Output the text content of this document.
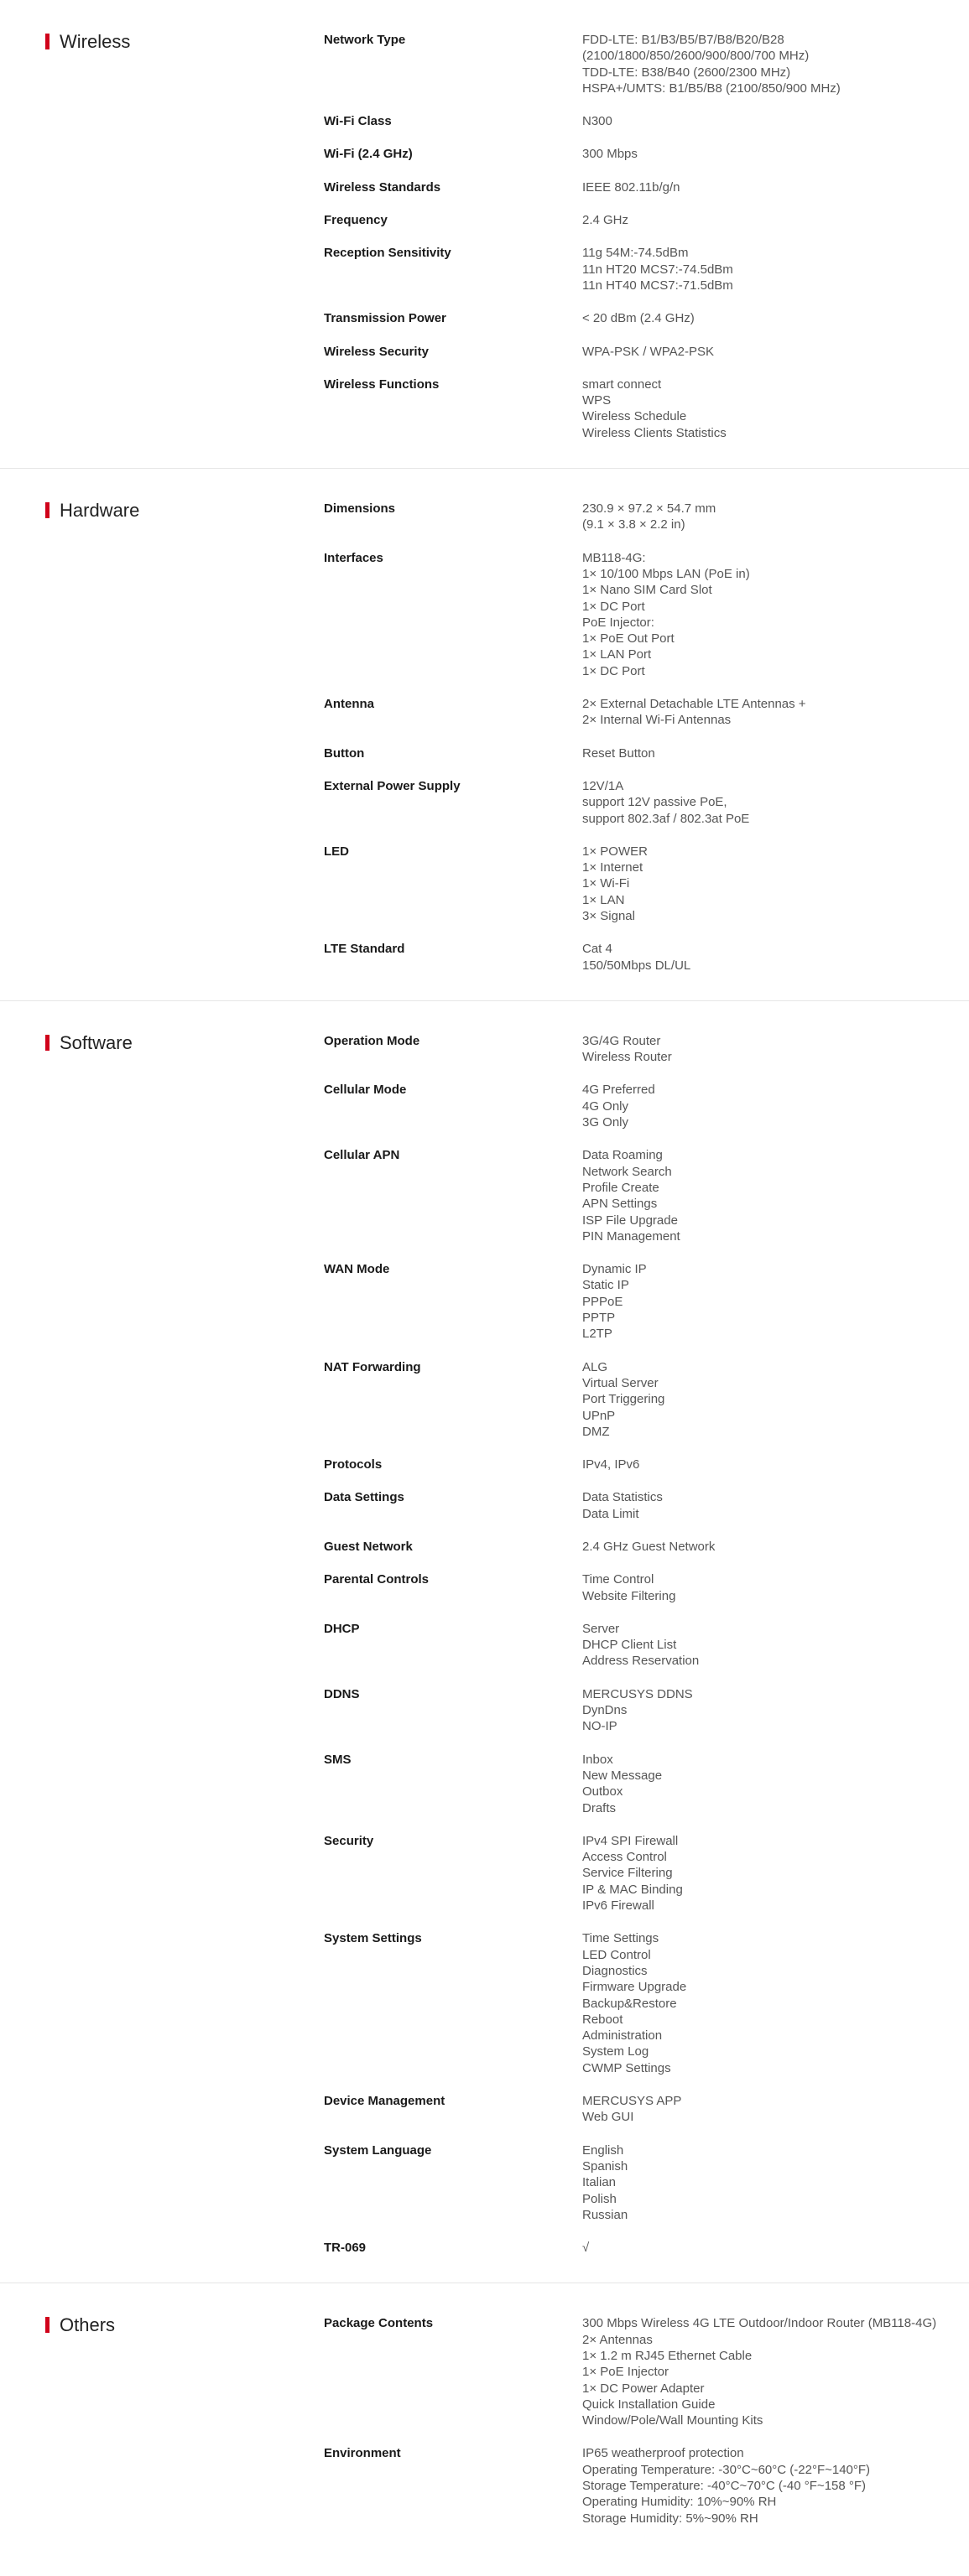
Wireless	Network Type	FDD-LTE: B1/B3/B5/B7/B8/B20/B28
(2100/1800/850/2600/900/800/700 MHz)
TDD-LTE: B38/B40 (2600/2300 MHz)
HSPA+/UMTS: B1/B5/B8 (2100/850/900 MHz)
Wi-Fi Class	N300
Wi-Fi (2.4 GHz)	300 Mbps
Wireless Standards	IEEE 802.11b/g/n
Frequency	2.4 GHz
Reception Sensitivity	11g 54M:-74.5dBm
11n HT20 MCS7:-74.5dBm
11n HT40 MCS7:-71.5dBm
Transmission Power	< 20 dBm (2.4 GHz)
Wireless Security	WPA-PSK / WPA2-PSK
Wireless Functions	smart connect
WPS
Wireless Schedule
Wireless Clients Statistics
Hardware	Dimensions	230.9 × 97.2 × 54.7 mm
(9.1 × 3.8 × 2.2 in)
Interfaces	MB118-4G:
1× 10/100 Mbps LAN (PoE in)
1× Nano SIM Card Slot
1× DC Port
PoE Injector:
1× PoE Out Port
1× LAN Port
1× DC Port
Antenna	2× External Detachable LTE Antennas +
2× Internal Wi-Fi Antennas
Button	Reset Button
External Power Supply	12V/1A
support 12V passive PoE,
support 802.3af / 802.3at PoE
LED	1× POWER
1× Internet
1× Wi-Fi
1× LAN
3× Signal
LTE Standard	Cat 4
150/50Mbps DL/UL
Software	Operation Mode	3G/4G Router
Wireless Router
Cellular Mode	4G Preferred
4G Only
3G Only
Cellular APN	Data Roaming
Network Search
Profile Create
APN Settings
ISP File Upgrade
PIN Management
WAN Mode	Dynamic IP
Static IP
PPPoE
PPTP
L2TP
NAT Forwarding	ALG
Virtual Server
Port Triggering
UPnP
DMZ
Protocols	IPv4, IPv6
Data Settings	Data Statistics
Data Limit
Guest Network	2.4 GHz Guest Network
Parental Controls	Time Control
Website Filtering
DHCP	Server
DHCP Client List
Address Reservation
DDNS	MERCUSYS DDNS
DynDns
NO-IP
SMS	Inbox
New Message
Outbox
Drafts
Security	IPv4 SPI Firewall
Access Control
Service Filtering
IP & MAC Binding
IPv6 Firewall
System Settings	Time Settings
LED Control
Diagnostics
Firmware Upgrade
Backup&Restore
Reboot
Administration
System Log
CWMP Settings
Device Management	MERCUSYS APP
Web GUI
System Language	English
Spanish
Italian
Polish
Russian
TR-069	√
Others	Package Contents	300 Mbps Wireless 4G LTE Outdoor/Indoor Router (MB118-4G)
2× Antennas
1× 1.2 m RJ45 Ethernet Cable
1× PoE Injector
1× DC Power Adapter
Quick Installation Guide
Window/Pole/Wall Mounting Kits
Environment	IP65 weatherproof protection
Operating Temperature: -30°C~60°C (-22°F~140°F)
Storage Temperature: -40°C~70°C (-40 °F~158 °F)
Operating Humidity: 10%~90% RH
Storage Humidity: 5%~90% RH
